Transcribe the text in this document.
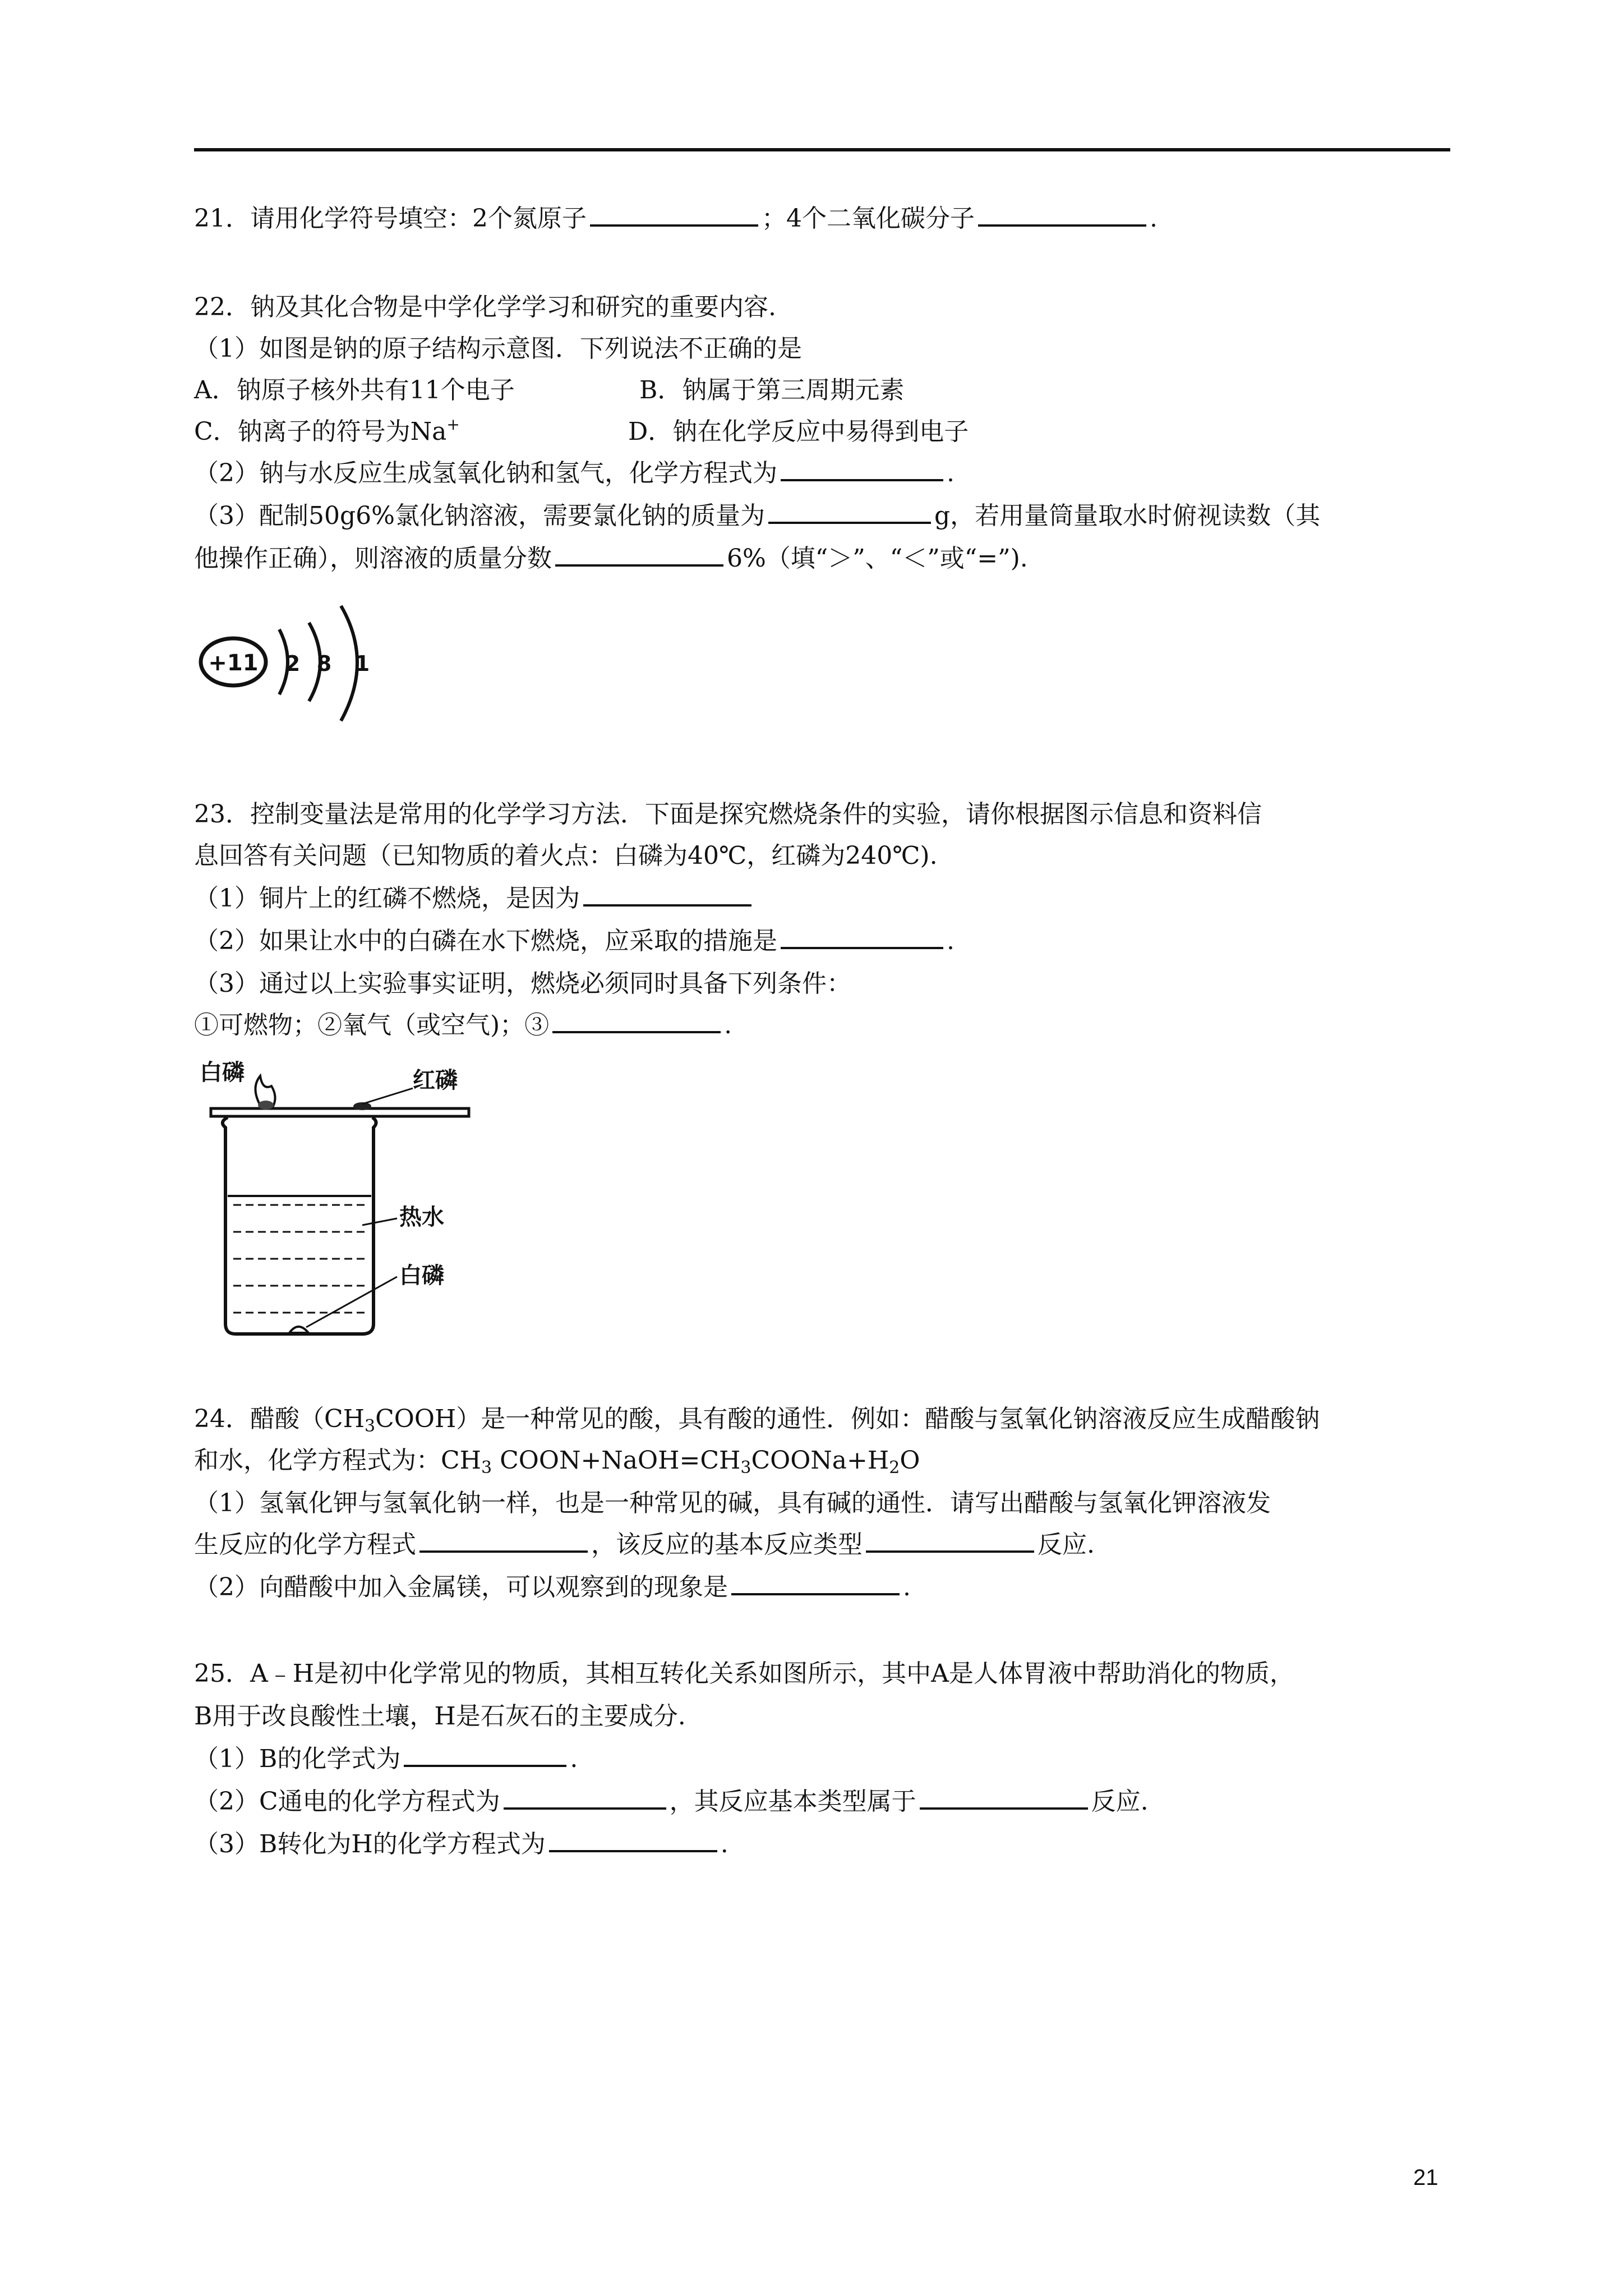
21．请用化学符号填空：2个氮原子	；4个二氧化碳分子	.
22．钠及其化合物是中学化学学习和研究的重要内容.
（1）如图是钠的原子结构示意图．下列说法不正确的是
A．钠原子核外共有11个电子	B．钠属于第三周期元素
C．钠离子的符号为Na+	D．钠在化学反应中易得到电子
（2）钠与水反应生成氢氧化钠和氢气，化学方程式为	.
（3）配制50g6%氯化钠溶液，需要氯化钠的质量为	g，若用量筒量取水时俯视读数（其
他操作正确），则溶液的质量分数	6%（填“＞”、“＜”或“=”).
+11 2 8 1
23．控制变量法是常用的化学学习方法．下面是探究燃烧条件的实验，请你根据图示信息和资料信
息回答有关问题（已知物质的着火点：白磷为40℃，红磷为240℃).
（1）铜片上的红磷不燃烧，是因为
（2）如果让水中的白磷在水下燃烧，应采取的措施是	.
（3）通过以上实验事实证明，燃烧必须同时具备下列条件：
①可燃物；②氧气（或空气)；③	.
白磷	红磷
热水
白磷
24．醋酸$(CH_3COOH)$是一种常见的酸，具有酸的通性．例如：醋酸与氢氧化钠溶液反应生成醋酸钠
和水，化学方程式为：$CH_3$ $COON+NaOH=CH_3COONa+H_2O$
（1）氢氧化钾与氢氧化钠一样，也是一种常见的碱，具有碱的通性．请写出醋酸与氢氧化钾溶液发
生反应的化学方程式	，该反应的基本反应类型	反应.
（2）向醋酸中加入金属镁，可以观察到的现象是	.
25．A﹣H是初中化学常见的物质，其相互转化关系如图所示，其中A是人体胃液中帮助消化的物质，
B用于改良酸性土壤，H是石灰石的主要成分.
（1）B的化学式为	.
（2）C通电的化学方程式为	，其反应基本类型属于	反应.
（3）B转化为H的化学方程式为	.
21
